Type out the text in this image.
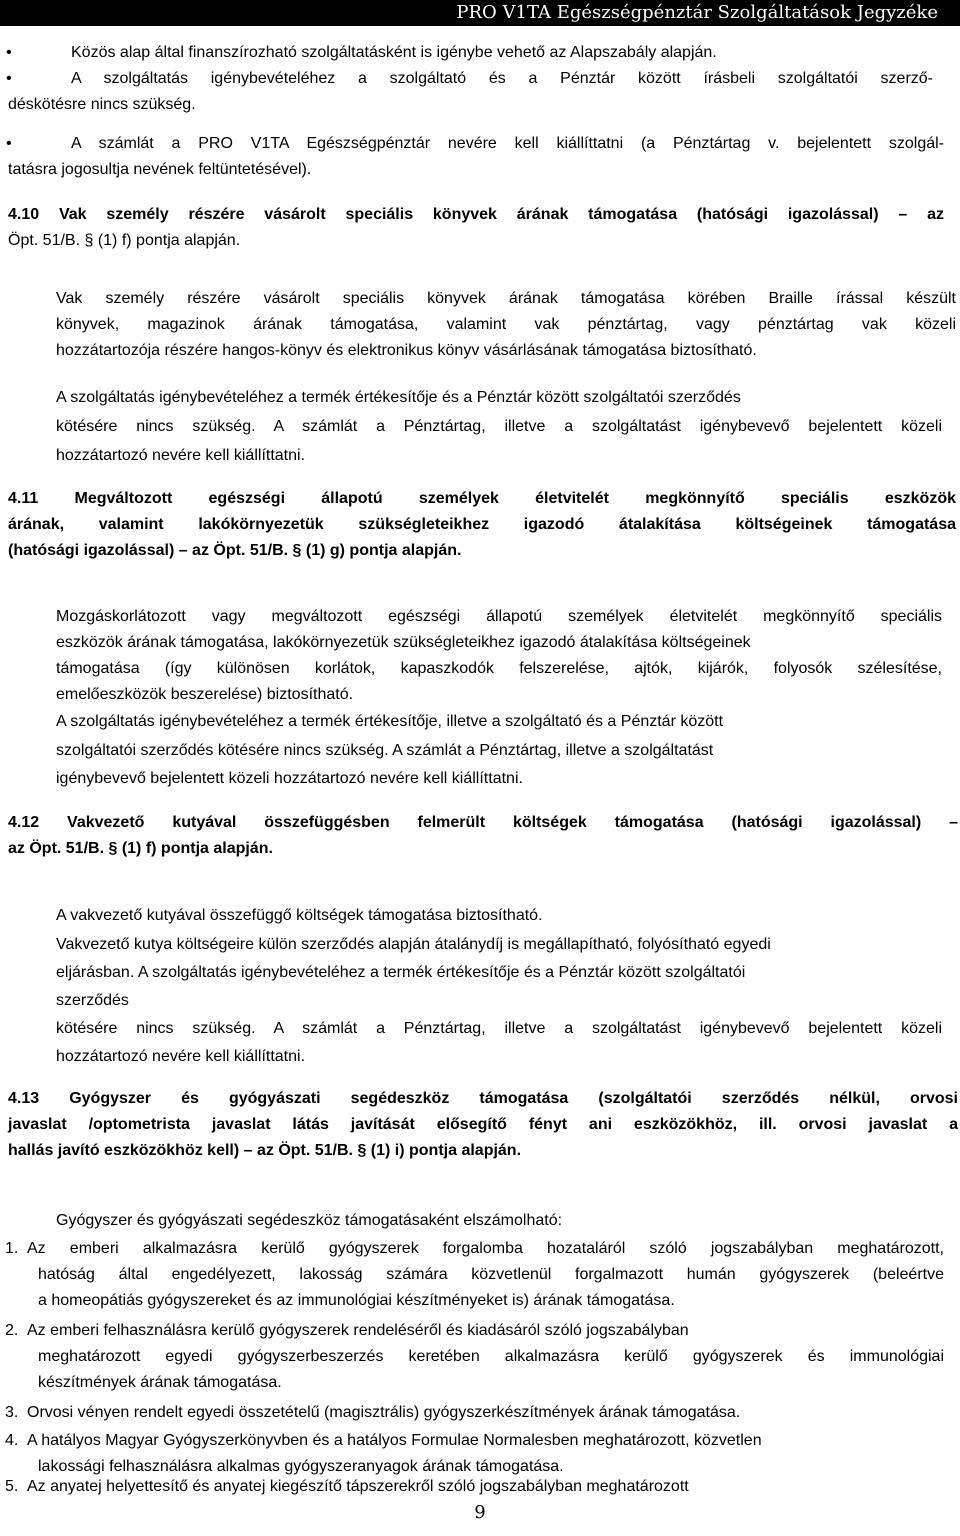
PRO V1TA Egészségpénztár Szolgáltatások Jegyzéke
•	Közös alap által finanszírozható szolgáltatásként is igénybe vehető az Alapszabály alapján.
•	A szolgáltatás igénybevételéhez a szolgáltató és a Pénztár között írásbeli szolgáltatói szerző-
déskötésre nincs szükség.
•	A számlát a PRO V1TA Egészségpénztár nevére kell kiállíttatni (a Pénztártag v. bejelentett szolgál-
tatásra jogosultja nevének feltüntetésével).
4.10 Vak személy részére vásárolt speciális könyvek árának támogatása (hatósági igazolással) – az
Öpt. 51/B. § (1) f) pontja alapján.
Vak személy részére vásárolt speciális könyvek árának támogatása körében Braille írással készült
könyvek, magazinok árának támogatása, valamint vak pénztártag, vagy pénztártag vak közeli
hozzátartozója részére hangos-könyv és elektronikus könyv vásárlásának támogatása biztosítható.
A szolgáltatás igénybevételéhez a termék értékesítője és a Pénztár között szolgáltatói szerződés
kötésére nincs szükség. A számlát a Pénztártag, illetve a szolgáltatást igénybevevő bejelentett közeli
hozzátartozó nevére kell kiállíttatni.
4.11 Megváltozott egészségi állapotú személyek életvitelét megkönnyítő speciális eszközök
árának, valamint lakókörnyezetük szükségleteikhez igazodó átalakítása költségeinek támogatása
(hatósági igazolással) – az Öpt. 51/B. § (1) g) pontja alapján.
Mozgáskorlátozott vagy megváltozott egészségi állapotú személyek életvitelét megkönnyítő speciális
eszközök árának támogatása, lakókörnyezetük szükségleteikhez igazodó átalakítása költségeinek
támogatása (így különösen korlátok, kapaszkodók felszerelése, ajtók, kijárók, folyosók szélesítése,
emelőeszközök beszerelése) biztosítható.
A szolgáltatás igénybevételéhez a termék értékesítője, illetve a szolgáltató és a Pénztár között
szolgáltatói szerződés kötésére nincs szükség. A számlát a Pénztártag, illetve a szolgáltatást
igénybevevő bejelentett közeli hozzátartozó nevére kell kiállíttatni.
4.12 Vakvezető kutyával összefüggésben felmerült költségek támogatása (hatósági igazolással) –
az Öpt. 51/B. § (1) f) pontja alapján.
A vakvezető kutyával összefüggő költségek támogatása biztosítható.
Vakvezető kutya költségeire külön szerződés alapján átalánydíj is megállapítható, folyósítható egyedi
eljárásban. A szolgáltatás igénybevételéhez a termék értékesítője és a Pénztár között szolgáltatói
szerződés
kötésére nincs szükség. A számlát a Pénztártag, illetve a szolgáltatást igénybevevő bejelentett közeli
hozzátartozó nevére kell kiállíttatni.
4.13 Gyógyszer és gyógyászati segédeszköz támogatása (szolgáltatói szerződés nélkül, orvosi
javaslat /optometrista javaslat látás javítását elősegítő fényt ani eszközökhöz, ill. orvosi javaslat a
hallás javító eszközökhöz kell) – az Öpt. 51/B. § (1) i) pontja alapján.
Gyógyszer és gyógyászati segédeszköz támogatásaként elszámolható:
1. Az emberi alkalmazásra kerülő gyógyszerek forgalomba hozataláról szóló jogszabályban meghatározott,
hatóság által engedélyezett, lakosság számára közvetlenül forgalmazott humán gyógyszerek (beleértve
a homeopátiás gyógyszereket és az immunológiai készítményeket is) árának támogatása.
2. Az emberi felhasználásra kerülő gyógyszerek rendeléséről és kiadásáról szóló jogszabályban
meghatározott egyedi gyógyszerbeszerzés keretében alkalmazásra kerülő gyógyszerek és immunológiai
készítmények árának támogatása.
3. Orvosi vényen rendelt egyedi összetételű (magisztrális) gyógyszerkészítmények árának támogatása.
4. A hatályos Magyar Gyógyszerkönyvben és a hatályos Formulae Normalesben meghatározott, közvetlen
lakossági felhasználásra alkalmas gyógyszeranyagok árának támogatása.
5. Az anyatej helyettesítő és anyatej kiegészítő tápszerekről szóló jogszabályban meghatározott
9
